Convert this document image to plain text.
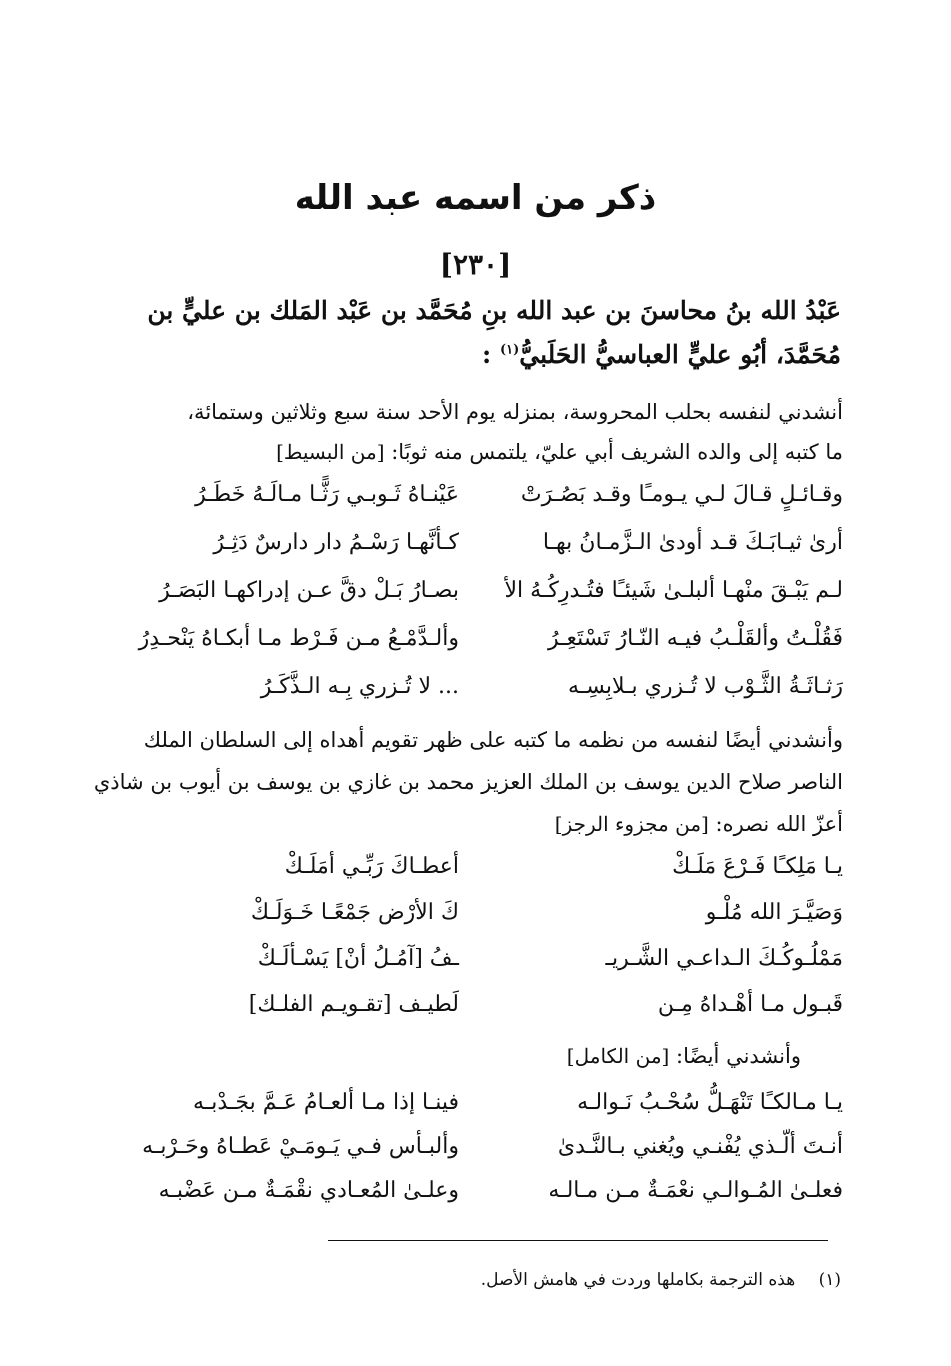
ذكر من اسمه عبد الله
[٢٣٠]
عَبْدُ الله بنُ محاسنَ بن عبد الله بنِ مُحَمَّد بن عَبْد المَلك بن عليٍّ بن
مُحَمَّدَ، أبُو عليٍّ العباسيُّ الحَلَبيُّ$^{(١)}$ :
أنشدني لنفسه بحلب المحروسة، بمنزله يوم الأحد سنة سبع وثلاثين وستمائة،
ما كتبه إلى والده الشريف أبي عليّ، يلتمس منه ثوبًا: [من البسيط]
وقـائـلٍ قـالَ لـي يـومـًا وقـد بَصُـرَتْ
عَيْنـاهُ ثَـوبـي رَثًّـا مـالَـهُ خَطَـرُ
أرىٰ ثيـابَـكَ قـد أودىٰ الـزَّمـانُ بهـا
كـأنَّهـا رَسْـمُ دار دارسٌ دَثِـرُ
لـم يَبْـقَ منْهـا ألبلـىٰ شَيئـًا فتُـدرِكُـهُ الأ
بصـارُ بَـلْ دقَّ عـن إدراكهـا البَصَـرُ
فَقُلْـتُ وألقَلْـبُ فيـه النّـارُ تَسْتَعِـرُ
وألـدَّمْـعُ مـن فَـرْط مـا أبكـاهُ يَنْحـدِرُ
رَثـاثَـةُ الثَّـوْب لا تُـزري بـلابِسِـه
... لا تُـزري بِـه الـذَّكَـرُ
وأنشدني أيضًا لنفسه من نظمه ما كتبه على ظهر تقويم أهداه إلى السلطان الملك
الناصر صلاح الدين يوسف بن الملك العزيز محمد بن غازي بن يوسف بن أيوب بن شاذي
أعزّ الله نصره: [من مجزوء الرجز]
يـا مَلِكـًا فَـرْعَ مَلَـكْ
أعطـاكَ رَبِّـي أمَلَـكْ
وَصَيَّـرَ الله مُلْـو
كَ الأرْض جَمْعًـا خَـوَلَـكْ
مَمْلُـوكُـكَ الـداعـي الشَّـريـ
ـفُ [آمُـلُ أنْ] يَسْـألَـكْ
قَبـول مـا أهْـداهُ مِـن
لَطيـف [تقـويـم الفلـك]
وأنشدني أيضًا: [من الكامل]
يـا مـالكـًا تَنْهَـلُّ سُحْـبُ نَـوالـه
فينـا إذا مـا ألعـامُ عَـمَّ بجَـدْبـه
أنـتَ ألّـذي يُفْنـي ويُغني بـالنَّـدىٰ
وألبـأس فـي يَـومَـيْ عَطـاهُ وحَـرْبـه
فعلـىٰ المُـوالـي نعْمَـةٌ مـن مـالـه
وعلـىٰ المُعـادي نقْمَـةٌ مـن عَضْبـه
(١) هذه الترجمة بكاملها وردت في هامش الأصل.
